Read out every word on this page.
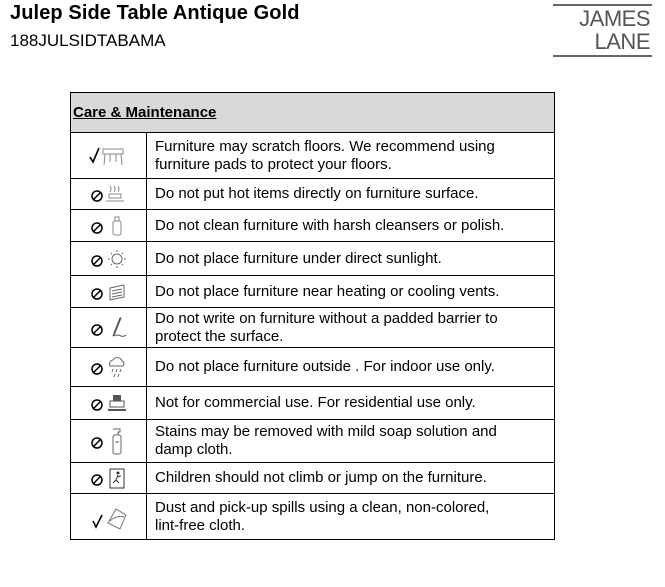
Julep Side Table Antique Gold
188JULSIDTABAMA
JAMES
LANE
Care & Maintenance	

	Furniture may scratch floors. We recommend using
furniture pads to protect your floors.

	Do not put hot items directly on furniture surface.

	Do not clean furniture with harsh cleansers or polish.

	Do not place furniture under direct sunlight.

	Do not place furniture near heating or cooling vents.

	Do not write on furniture without a padded barrier to
protect the surface.

	Do not place furniture outside . For indoor use only.

	Not for commercial use. For residential use only.

	Stains may be removed with mild soap solution and
damp cloth.

	Children should not climb or jump on the furniture.

	Dust and pick-up spills using a clean, non-colored,
lint-free cloth.
